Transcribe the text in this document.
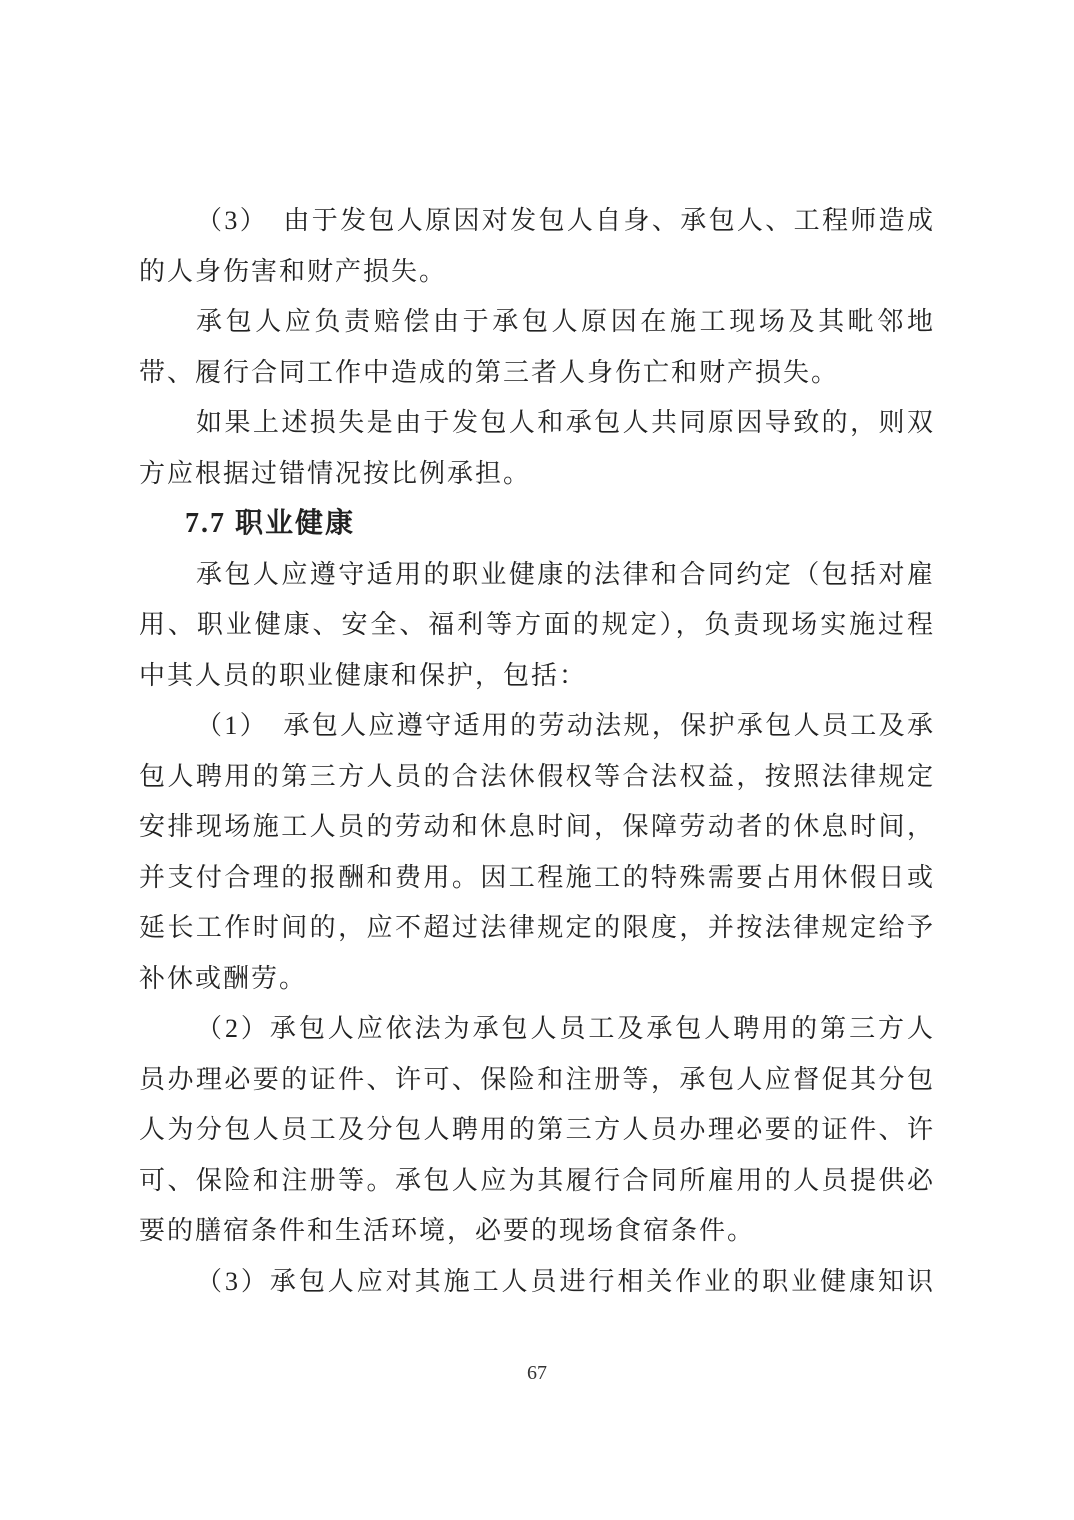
（3）　由于发包人原因对发包人自身、承包人、工程师造成
的人身伤害和财产损失。
承包人应负责赔偿由于承包人原因在施工现场及其毗邻地
带、履行合同工作中造成的第三者人身伤亡和财产损失。
如果上述损失是由于发包人和承包人共同原因导致的，则双
方应根据过错情况按比例承担。
7.7 职业健康
承包人应遵守适用的职业健康的法律和合同约定（包括对雇
用、职业健康、安全、福利等方面的规定），负责现场实施过程
中其人员的职业健康和保护，包括：
（1）　承包人应遵守适用的劳动法规，保护承包人员工及承
包人聘用的第三方人员的合法休假权等合法权益，按照法律规定
安排现场施工人员的劳动和休息时间，保障劳动者的休息时间，
并支付合理的报酬和费用。因工程施工的特殊需要占用休假日或
延长工作时间的，应不超过法律规定的限度，并按法律规定给予
补休或酬劳。
（2）承包人应依法为承包人员工及承包人聘用的第三方人
员办理必要的证件、许可、保险和注册等，承包人应督促其分包
人为分包人员工及分包人聘用的第三方人员办理必要的证件、许
可、保险和注册等。承包人应为其履行合同所雇用的人员提供必
要的膳宿条件和生活环境，必要的现场食宿条件。
（3）承包人应对其施工人员进行相关作业的职业健康知识
67
